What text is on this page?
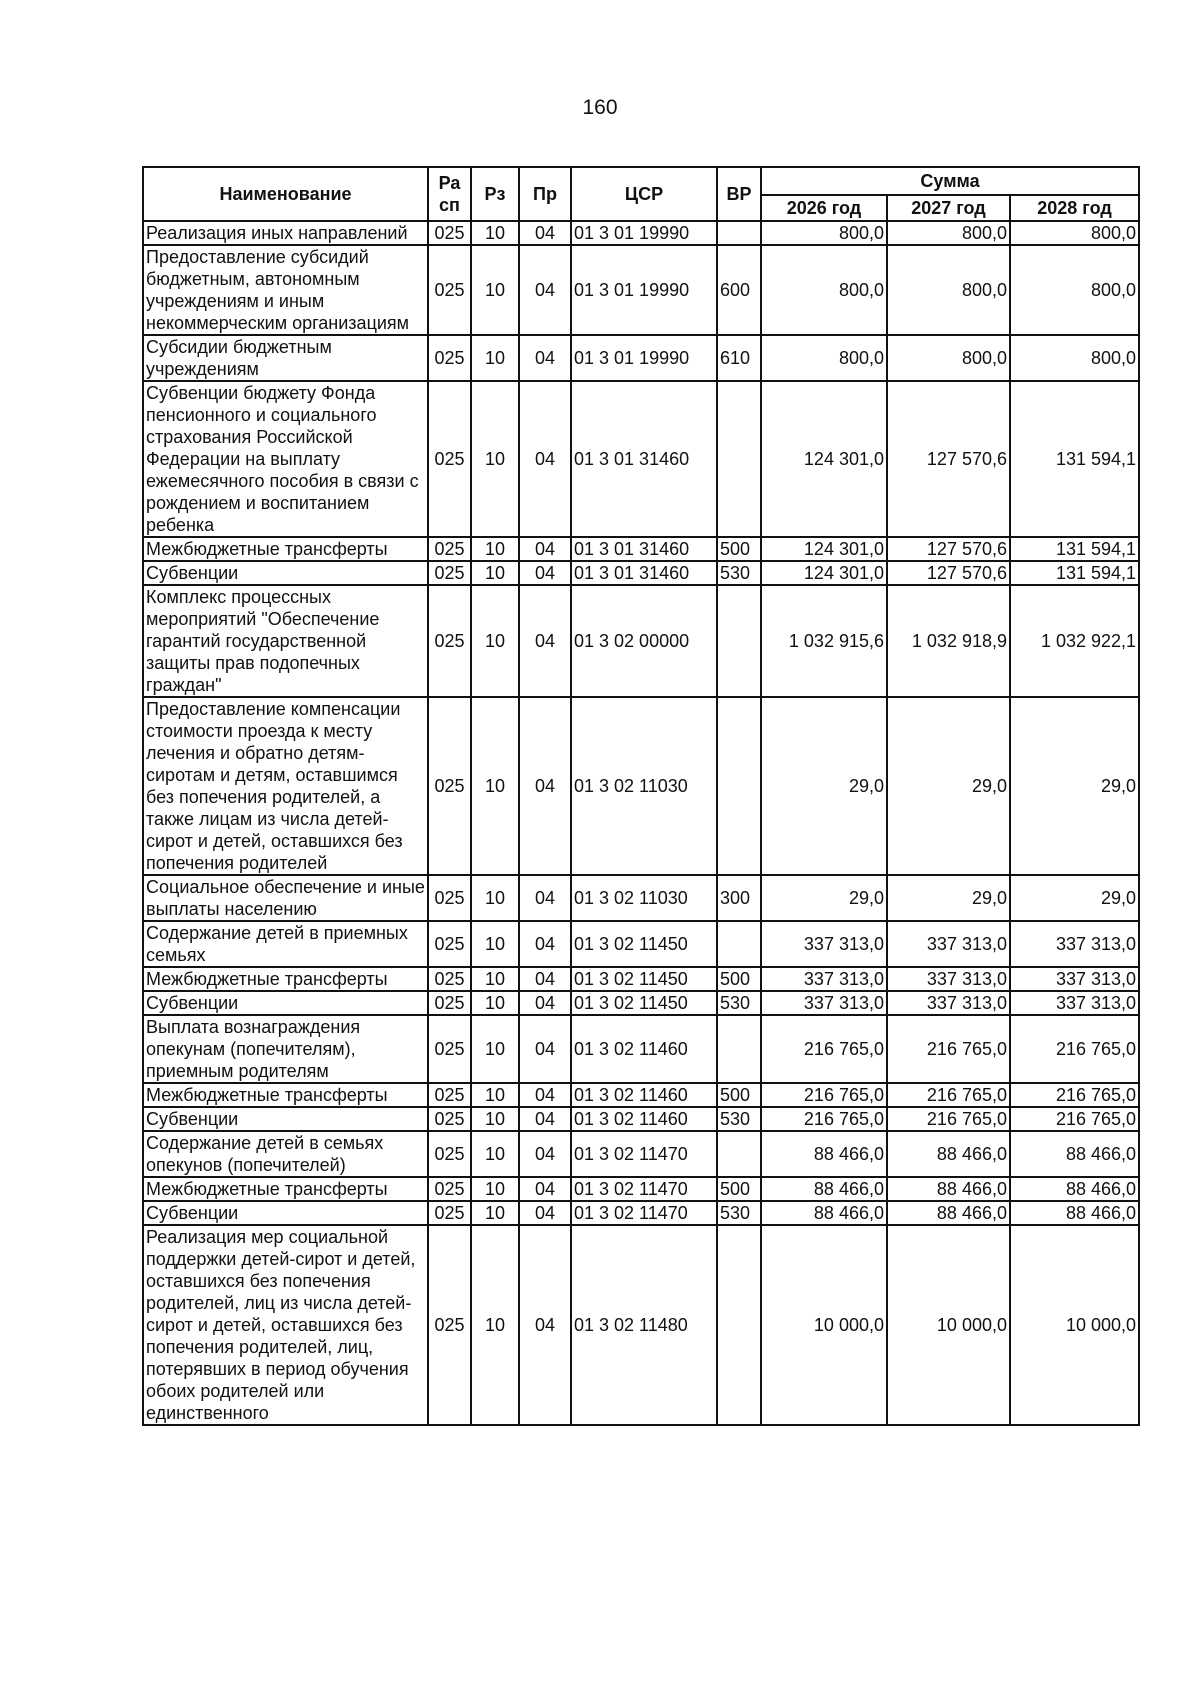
160
Наименование	Ра сп	Рз	Пр	ЦСР	ВР	Сумма		
						2026 год	2027 год	2028 год
Реализация иных направлений	025	10	04	01 3 01 19990		800,0	800,0	800,0
Предоставление субсидий бюджетным, автономным учреждениям и иным некоммерческим организациям	025	10	04	01 3 01 19990	600	800,0	800,0	800,0
Субсидии бюджетным учреждениям	025	10	04	01 3 01 19990	610	800,0	800,0	800,0
Субвенции бюджету Фонда пенсионного и социального страхования Российской Федерации на выплату ежемесячного пособия в связи с рождением и воспитанием ребенка	025	10	04	01 3 01 31460		124 301,0	127 570,6	131 594,1
Межбюджетные трансферты	025	10	04	01 3 01 31460	500	124 301,0	127 570,6	131 594,1
Субвенции	025	10	04	01 3 01 31460	530	124 301,0	127 570,6	131 594,1
Комплекс процессных мероприятий "Обеспечение гарантий государственной защиты прав подопечных граждан"	025	10	04	01 3 02 00000		1 032 915,6	1 032 918,9	1 032 922,1
Предоставление компенсации стоимости проезда к месту лечения и обратно детям-сиротам и детям, оставшимся без попечения родителей, а также лицам из числа детей-сирот и детей, оставшихся без попечения родителей	025	10	04	01 3 02 11030		29,0	29,0	29,0
Социальное обеспечение и иные выплаты населению	025	10	04	01 3 02 11030	300	29,0	29,0	29,0
Содержание детей в приемных семьях	025	10	04	01 3 02 11450		337 313,0	337 313,0	337 313,0
Межбюджетные трансферты	025	10	04	01 3 02 11450	500	337 313,0	337 313,0	337 313,0
Субвенции	025	10	04	01 3 02 11450	530	337 313,0	337 313,0	337 313,0
Выплата вознаграждения опекунам (попечителям), приемным родителям	025	10	04	01 3 02 11460		216 765,0	216 765,0	216 765,0
Межбюджетные трансферты	025	10	04	01 3 02 11460	500	216 765,0	216 765,0	216 765,0
Субвенции	025	10	04	01 3 02 11460	530	216 765,0	216 765,0	216 765,0
Содержание детей в семьях опекунов (попечителей)	025	10	04	01 3 02 11470		88 466,0	88 466,0	88 466,0
Межбюджетные трансферты	025	10	04	01 3 02 11470	500	88 466,0	88 466,0	88 466,0
Субвенции	025	10	04	01 3 02 11470	530	88 466,0	88 466,0	88 466,0
Реализация мер социальной поддержки детей-сирот и детей, оставшихся без попечения родителей, лиц из числа детей-сирот и детей, оставшихся без попечения родителей, лиц, потерявших в период обучения обоих родителей или единственного	025	10	04	01 3 02 11480		10 000,0	10 000,0	10 000,0
